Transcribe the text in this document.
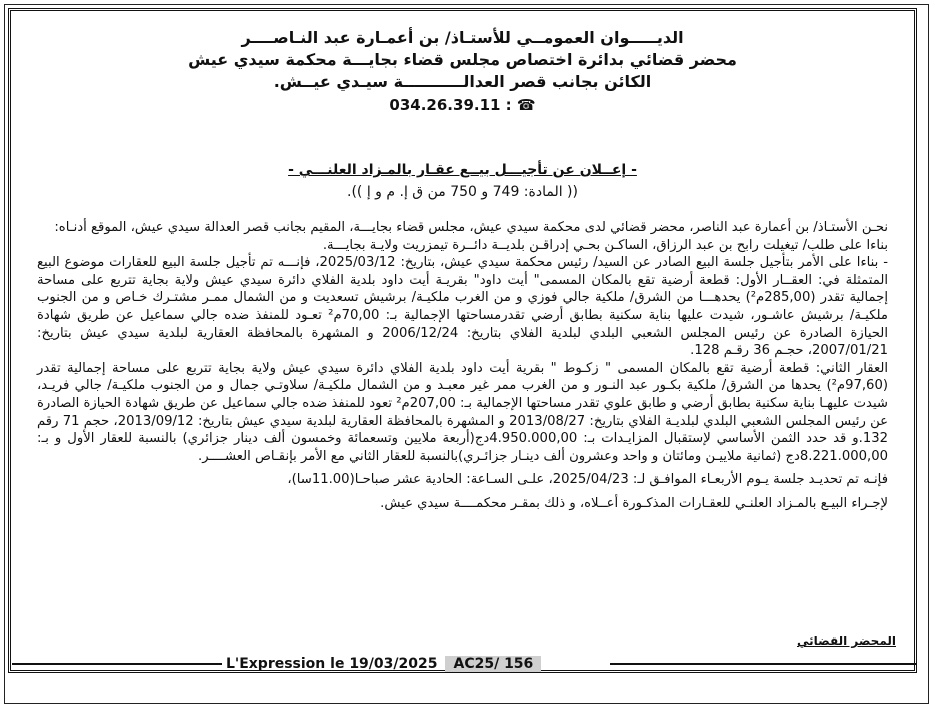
الديـــــوان العمومــي للأستـاذ/ بن أعمـارة عبد النـاصــــر
محضر قضائي بدائرة اختصاص مجلس قضاء بجايـــة محكمة سيدي عيش
الكائن بجانب قصر العدالـــــــــــة سيـدي عيــش.
034.26.39.11 : ☎
- إعــلان عن تأجيـــل بيــع عقـار بالمـزاد العلنـــي -
(( المادة: 749 و 750 من ق إ. م و إ )).

نحـن الأستـاذ/ بن أعمارة عبد الناصر، محضر قضائي لدى محكمة سيدي عيش، مجلس قضاء بجايـــة، المقيم بجانب قصر العدالة سيدي عيش، الموقع أدنـاه:

بناءا على طلب/ تيغيلت رابح بن عبد الرزاق، الساكـن بحـي إدراقـن بلديــة دائــرة تيمزريت ولايـة بجايـــة.

- بناءا على الأمر بتأجيل جلسة البيع الصادر عن السيد/ رئيس محكمة سيدي عيش، بتاريخ: 2025/03/12، فإنـــه تم تأجيل جلسة البيع للعقارات موضوع البيع المتمثلة في: العقــار الأول: قطعة أرضية تقع بالمكان المسمى" أيت داود" بقريـة أيت داود بلدية الفلاي دائرة سيدي عيش ولاية بجاية تتربع على مساحة إجمالية تقدر (285,00م²) يحدهـــا من الشرق/ ملكية جالي فوزي و من الغرب ملكيـة/ برشيش تسعديت و من الشمال ممـر مشتـرك خـاص و من الجنوب ملكيـة/ برشيش عاشـور، شيدت عليها بناية سكنية بطابق أرضي تقدرمساحتها الإجمالية بـ: 70,00م² تعـود للمنفذ ضده جالي سماعيل عن طريق شهادة الحيازة الصادرة عن رئيس المجلس الشعبي البلدي لبلدية الفلاي بتاريخ: 2006/12/24 و المشهرة بالمحافظة العقارية لبلدية سيدي عيش بتاريخ: 2007/01/21، حجـم 36 رقـم 128.

العقار الثاني: قطعة أرضية تقع بالمكان المسمى " زكـوط " بقرية أيت داود بلدية الفلاي دائرة سيدي عيش ولاية بجاية تتربع على مساحة إجمالية تقدر (97,60م²) يحدها من الشرق/ ملكية بكـور عبد النـور و من الغرب ممر غير معبـد و من الشمال ملكيـة/ سلاوتـي جمال و من الجنوب ملكيـة/ جالي فريـد، شيدت عليهـا بناية سكنية بطابق أرضي و طابق علوي تقدر مساحتها الإجمالية بـ: 207,00م² تعود للمنفذ ضده جالي سماعيل عن طريق شهادة الحيازة الصادرة عن رئيس المجلس الشعبي البلدي لبلديـة الفلاي بتاريخ: 2013/08/27 و المشهرة بالمحافظة العقارية لبلدية سيدي عيش بتاريخ: 2013/09/12، حجم 71 رقم 132.و قد حدد الثمن الأساسي لإستقبال المزايـدات بـ: 4.950.000,00دج(أربعة ملايين وتسعمائة وخمسون ألف دينار جزائري) بالنسبة للعقار الأول و بـ: 8.221.000,00دج (ثمانية ملاييـن ومائتان و واحد وعشرون ألف دينـار جزائـري)بالنسبة للعقار الثاني مع الأمر بإنقـاص العشــــر.

فإنـه تم تحديـد جلسة يـوم الأربعـاء الموافـق لـ: 2025/04/23، علـى السـاعة: الحادية عشر صباحـا(11.00سا)،

لإجـراء البيـع بالمـزاد العلنـي للعقـارات المذكـورة أعــلاه، و ذلك بمقـر محكمــــة سيدي عيش.

المحضر القضائي
L'Expression le 19/03/2025 AC25/ 156
